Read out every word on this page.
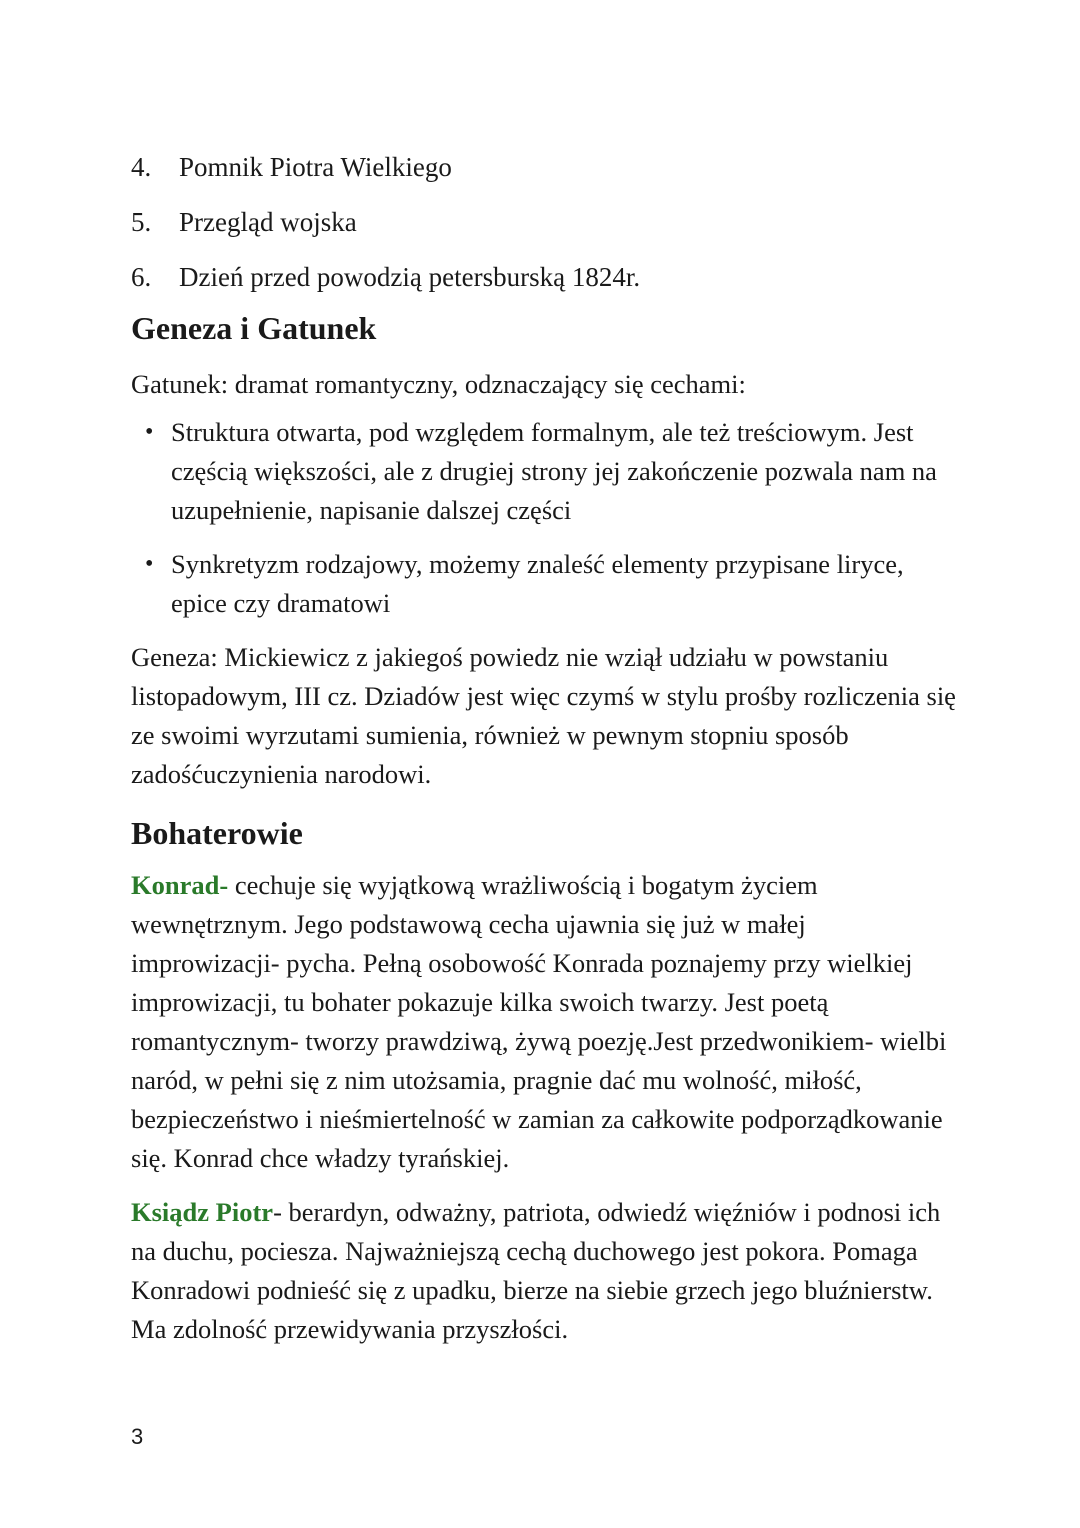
4. Pomnik Piotra Wielkiego
5. Przegląd wojska
6. Dzień przed powodzią petersburską 1824r.
Geneza i Gatunek

Gatunek: dramat romantyczny, odznaczający się cechami:

• Struktura otwarta, pod względem formalnym, ale też treściowym. Jest częścią większości, ale z drugiej strony jej zakończenie pozwala nam na uzupełnienie, napisanie dalszej części
• Synkretyzm rodzajowy, możemy znaleść elementy przypisane liryce, epice czy dramatowi

Geneza: Mickiewicz z jakiegoś powiedz nie wziął udziału w powstaniu listopadowym, III cz. Dziadów jest więc czymś w stylu prośby rozliczenia się ze swoimi wyrzutami sumienia, również w pewnym stopniu sposób zadośćuczynienia narodowi.

Bohaterowie

Konrad- cechuje się wyjątkową wrażliwością i bogatym życiem wewnętrznym. Jego podstawową cecha ujawnia się już w małej improwizacji- pycha. Pełną osobowość Konrada poznajemy przy wielkiej improwizacji, tu bohater pokazuje kilka swoich twarzy. Jest poetą romantycznym- tworzy prawdziwą, żywą poezję.Jest przedwonikiem- wielbi naród, w pełni się z nim utożsamia, pragnie dać mu wolność, miłość, bezpieczeństwo i nieśmiertelność w zamian za całkowite podporządkowanie się. Konrad chce władzy tyrańskiej.

Ksiądz Piotr- berardyn, odważny, patriota, odwiedź więźniów i podnosi ich na duchu, pociesza. Najważniejszą cechą duchowego jest pokora. Pomaga Konradowi podnieść się z upadku, bierze na siebie grzech jego bluźnierstw. Ma zdolność przewidywania przyszłości.

3
